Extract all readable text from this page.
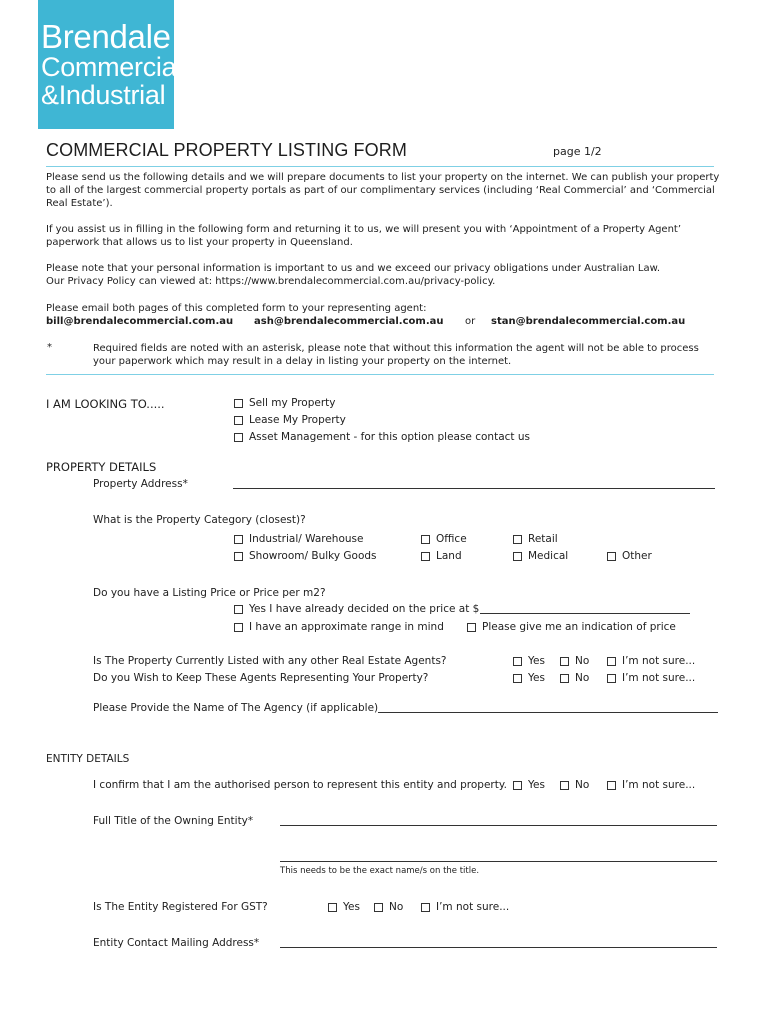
Brendale
Commercial
&Industrial
COMMERCIAL PROPERTY LISTING FORM	page 1/2
Please send us the following details and we will prepare documents to list your property on the internet. We can publish your property to all of the largest commercial property portals as part of our complimentary services (including ‘Real Commercial’ and ‘Commercial Real Estate’).
If you assist us in filling in the following form and returning it to us, we will present you with ‘Appointment of a Property Agent’ paperwork that allows us to list your property in Queensland.
Please note that your personal information is important to us and we exceed our privacy obligations under Australian Law.
Our Privacy Policy can viewed at: https://www.brendalecommercial.com.au/privacy-policy.
Please email both pages of this completed form to your representing agent:
bill@brendalecommercial.com.au ash@brendalecommercial.com.au or stan@brendalecommercial.com.au
*	Required fields are noted with an asterisk, please note that without this information the agent will not be able to process your paperwork which may result in a delay in listing your property on the internet.
I AM LOOKING TO.....	Sell my Property
Lease My Property
Asset Management - for this option please contact us
PROPERTY DETAILS
Property Address*
What is the Property Category (closest)?
Industrial/ Warehouse	Office	Retail
Showroom/ Bulky Goods	Land	Medical	Other
Do you have a Listing Price or Price per m2?
Yes I have already decided on the price at $
I have an approximate range in mind	Please give me an indication of price
Is The Property Currently Listed with any other Real Estate Agents?	Yes	No	I’m not sure...
Do you Wish to Keep These Agents Representing Your Property?	Yes	No	I’m not sure...
Please Provide the Name of The Agency (if applicable)
ENTITY DETAILS
I confirm that I am the authorised person to represent this entity and property. Yes	No	I’m not sure...
Full Title of the Owning Entity*
This needs to be the exact name/s on the title.
Is The Entity Registered For GST?	Yes	No	I’m not sure...
Entity Contact Mailing Address*
